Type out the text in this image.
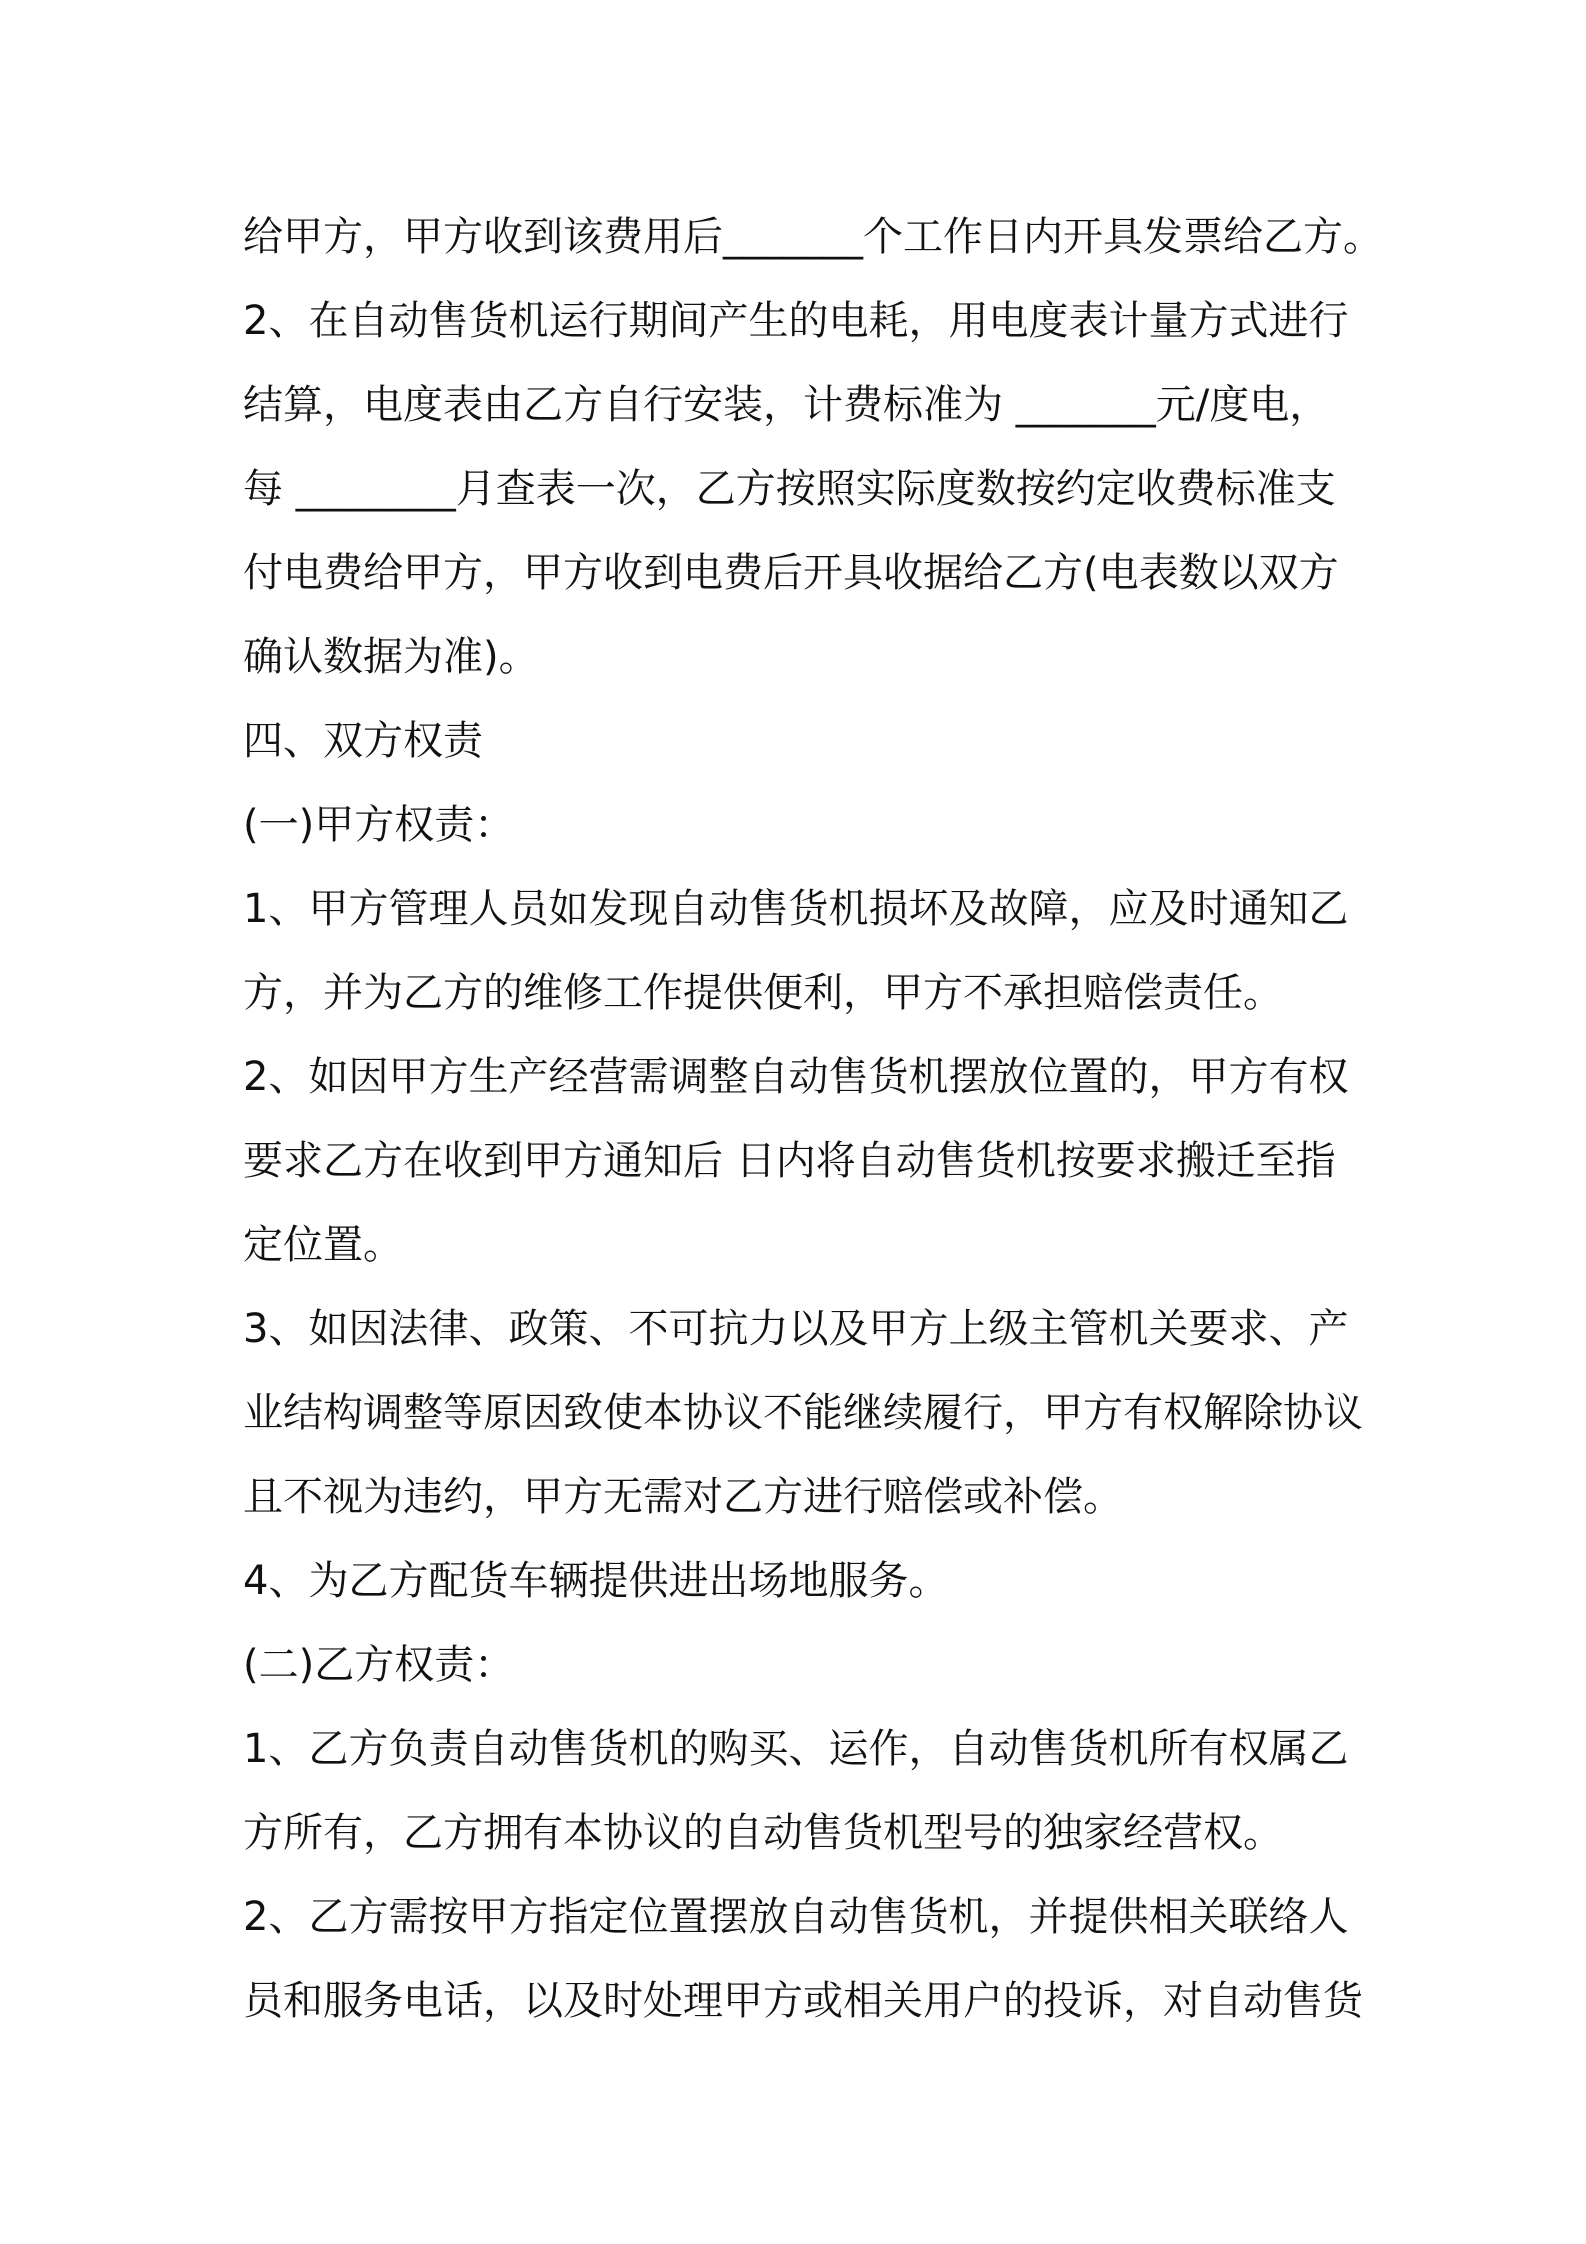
给甲方，甲方收到该费用后_______个工作日内开具发票给乙方。

2、在自动售货机运行期间产生的电耗，用电度表计量方式进行

结算，电度表由乙方自行安装，计费标准为 _______元/度电，

每 ________月查表一次，乙方按照实际度数按约定收费标准支

付电费给甲方，甲方收到电费后开具收据给乙方(电表数以双方

确认数据为准)。

四、双方权责

(一)甲方权责：

1、甲方管理人员如发现自动售货机损坏及故障，应及时通知乙

方，并为乙方的维修工作提供便利，甲方不承担赔偿责任。

2、如因甲方生产经营需调整自动售货机摆放位置的，甲方有权

要求乙方在收到甲方通知后 日内将自动售货机按要求搬迁至指

定位置。

3、如因法律、政策、不可抗力以及甲方上级主管机关要求、产

业结构调整等原因致使本协议不能继续履行，甲方有权解除协议

且不视为违约，甲方无需对乙方进行赔偿或补偿。

4、为乙方配货车辆提供进出场地服务。

(二)乙方权责：

1、乙方负责自动售货机的购买、运作，自动售货机所有权属乙

方所有，乙方拥有本协议的自动售货机型号的独家经营权。

2、乙方需按甲方指定位置摆放自动售货机，并提供相关联络人

员和服务电话，以及时处理甲方或相关用户的投诉，对自动售货
